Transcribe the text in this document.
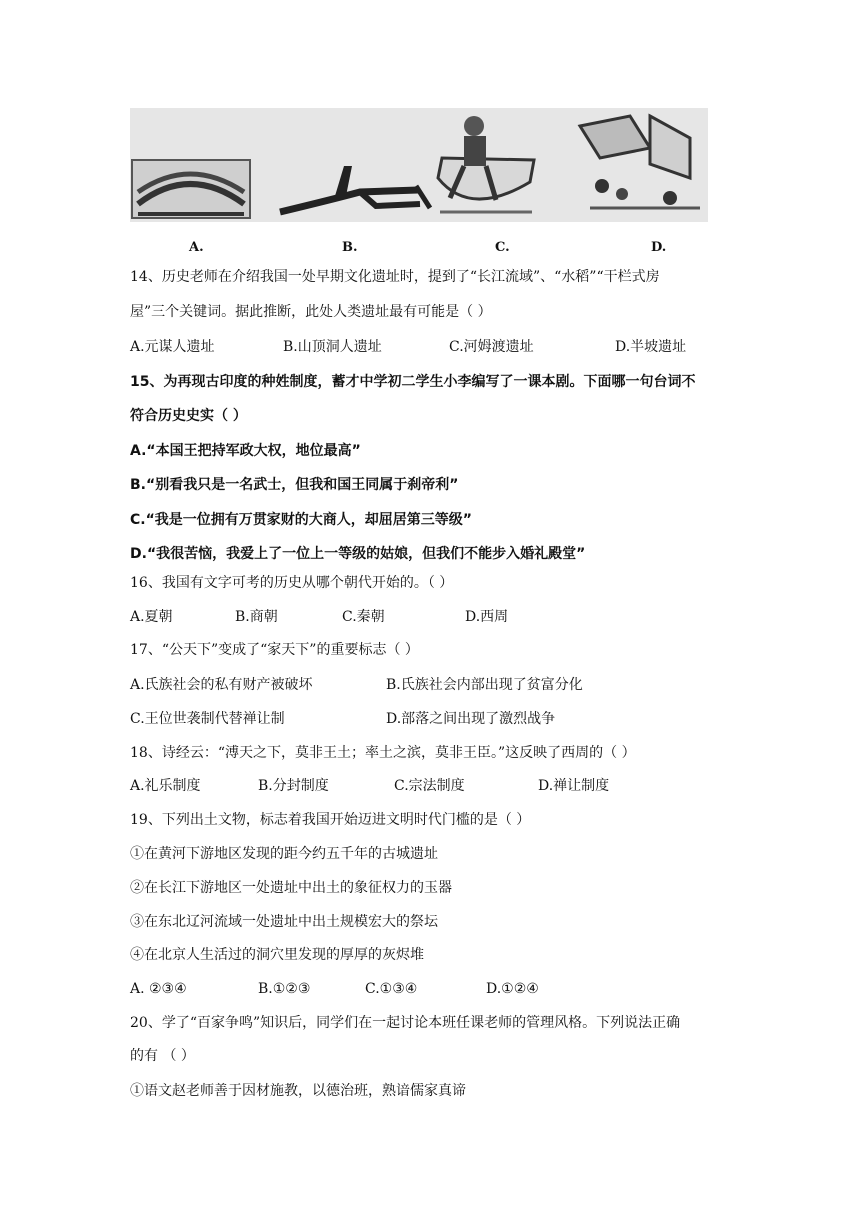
A.	B.	C.	D.
14、历史老师在介绍我国一处早期文化遗址时，提到了“长江流域”、“水稻”“干栏式房
屋”三个关键词。据此推断，此处人类遗址最有可能是（ ）
A.元谋人遗址	B.山顶洞人遗址	C.河姆渡遗址	D.半坡遗址
15、为再现古印度的种姓制度，蓄才中学初二学生小李编写了一课本剧。下面哪一句台词不
符合历史史实（ ）
A.“本国王把持军政大权，地位最高”
B.“别看我只是一名武士，但我和国王同属于刹帝利”
C.“我是一位拥有万贯家财的大商人，却屈居第三等级”
D.“我很苦恼，我爱上了一位上一等级的姑娘，但我们不能步入婚礼殿堂”
16、我国有文字可考的历史从哪个朝代开始的。（ ）
A.夏朝	B.商朝	C.秦朝	D.西周
17、“公天下”变成了“家天下”的重要标志（ ）
A.氏族社会的私有财产被破坏	B.氏族社会内部出现了贫富分化
C.王位世袭制代替禅让制	D.部落之间出现了激烈战争
18、诗经云：“溥天之下，莫非王土；率土之滨，莫非王臣。”这反映了西周的（ ）
A.礼乐制度	B.分封制度	C.宗法制度	D.禅让制度
19、下列出土文物，标志着我国开始迈进文明时代门槛的是（ ）
①在黄河下游地区发现的距今约五千年的古城遗址
②在长江下游地区一处遗址中出土的象征权力的玉器
③在东北辽河流域一处遗址中出土规模宏大的祭坛
④在北京人生活过的洞穴里发现的厚厚的灰烬堆
A. ②③④	B.①②③	C.①③④	D.①②④
20、学了“百家争鸣”知识后，同学们在一起讨论本班任课老师的管理风格。下列说法正确
的有 （ ）
①语文赵老师善于因材施教，以德治班，熟谙儒家真谛
